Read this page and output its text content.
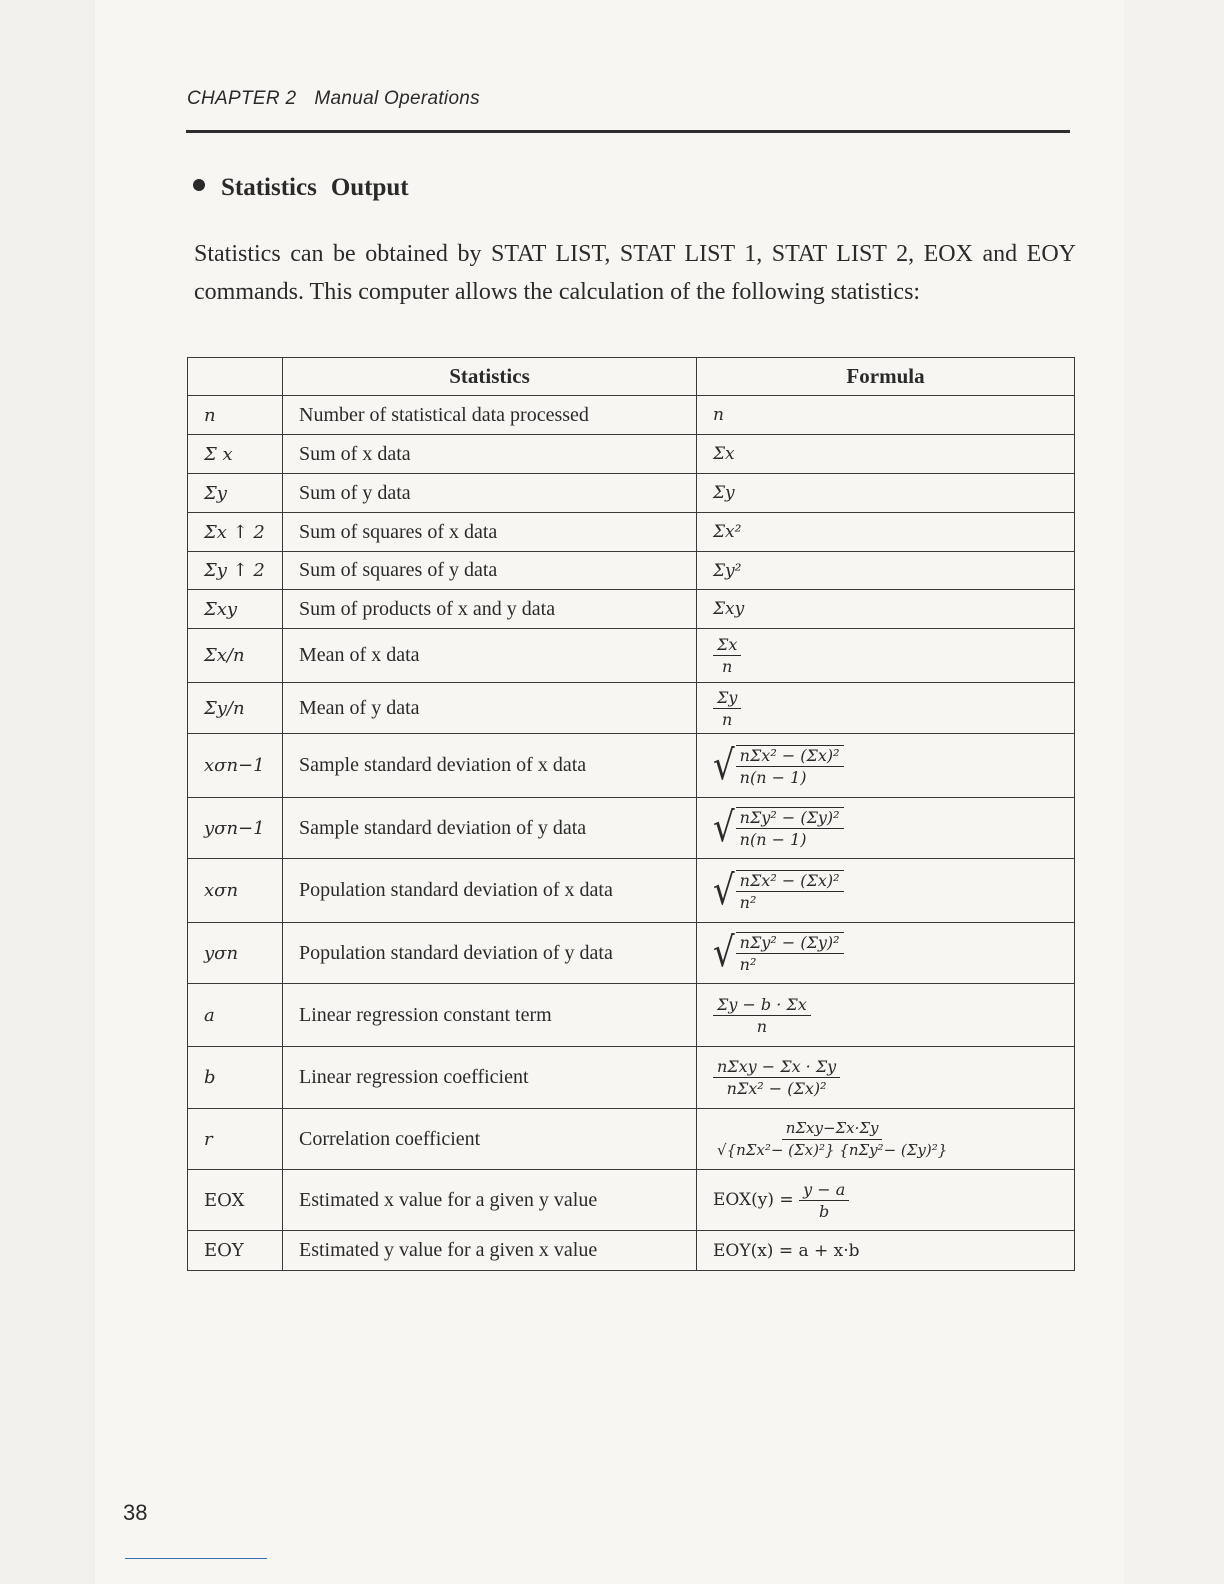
CHAPTER 2 Manual Operations
Statistics Output

Statistics can be obtained by STAT LIST, STAT LIST 1, STAT LIST 2, EOX and EOY commands. This computer allows the calculation of the following statistics:

	Statistics	Formula
n	Number of statistical data processed	n
Σ x	Sum of x data	Σx
Σy	Sum of y data	Σy
Σx ↑ 2	Sum of squares of x data	Σx²
Σy ↑ 2	Sum of squares of y data	Σy²
Σxy	Sum of products of x and y data	Σxy
Σx/n	Mean of x data	$\frac{\Sigma x}{n}$

Σy/n	Mean of y data	$\frac{\Sigma y}{n}$

xσn−1	Sample standard deviation of x data	√ $\frac{\text{nΣx² − (Σx)²}}{n(n - 1)}$

yσn−1	Sample standard deviation of y data	√ $\frac{\text{nΣy² − (Σy)²}}{n(n - 1)}$

xσn	Population standard deviation of x data	√ $\frac{\text{nΣx² − (Σx)²}}{\text{n²}}$

yσn	Population standard deviation of y data	√ $\frac{\text{nΣy² − (Σy)²}}{\text{n²}}$

a	Linear regression constant term	$\frac{\Sigma y - b \cdot \Sigma x}{n}$

b	Linear regression coefficient	$\frac{\text{nΣxy − Σx · Σy}}{\text{nΣx² − (Σx)²}}$

r	Correlation coefficient	$\frac{\text{nΣxy−Σx·Σy}}{\text{√\{nΣx²− (Σx)²\} \{nΣy²− (Σy)²\}}}$

EOX	Estimated x value for a given y value	$EOX(y) = \frac{y - a}{b}$

EOY	Estimated y value for a given x value	EOY(x) = a + x·b
38
